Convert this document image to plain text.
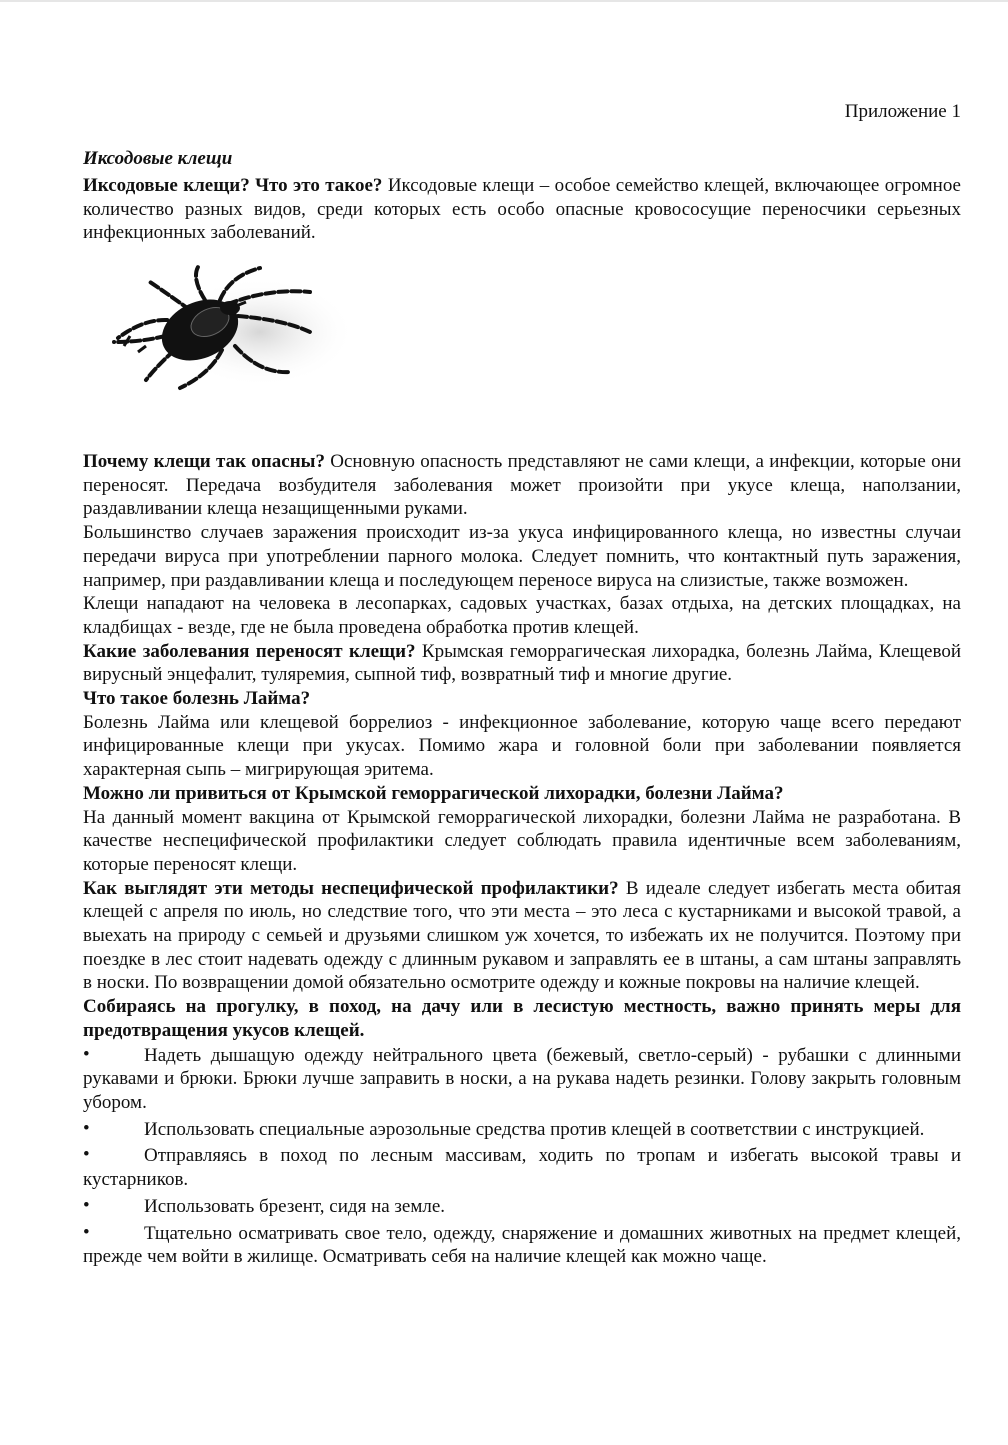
Приложение 1
Иксодовые клещи

Иксодовые клещи? Что это такое? Иксодовые клещи – особое семейство клещей, включающее огромное количество разных видов, среди которых есть особо опасные кровососущие переносчики серьезных инфекционных заболеваний.

Почему клещи так опасны? Основную опасность представляют не сами клещи, а инфекции, которые они переносят. Передача возбудителя заболевания может произойти при укусе клеща, наползании, раздавливании клеща незащищенными руками.

Большинство случаев заражения происходит из-за укуса инфицированного клеща, но известны случаи передачи вируса при употреблении парного молока. Следует помнить, что контактный путь заражения, например, при раздавливании клеща и последующем переносе вируса на слизистые, также возможен.

Клещи нападают на человека в лесопарках, садовых участках, базах отдыха, на детских площадках, на кладбищах - везде, где не была проведена обработка против клещей.

Какие заболевания переносят клещи? Крымская геморрагическая лихорадка, болезнь Лайма, Клещевой вирусный энцефалит, туляремия, сыпной тиф, возвратный тиф и многие другие.

Что такое болезнь Лайма?

Болезнь Лайма или клещевой боррелиоз - инфекционное заболевание, которую чаще всего передают инфицированные клещи при укусах. Помимо жара и головной боли при заболевании появляется характерная сыпь – мигрирующая эритема.

Можно ли привиться от Крымской геморрагической лихорадки, болезни Лайма?

На данный момент вакцина от Крымской геморрагической лихорадки, болезни Лайма не разработана. В качестве неспецифической профилактики следует соблюдать правила идентичные всем заболеваниям, которые переносят клещи.

Как выглядят эти методы неспецифической профилактики? В идеале следует избегать места обитая клещей с апреля по июль, но следствие того, что эти места – это леса с кустарниками и высокой травой, а выехать на природу с семьей и друзьями слишком уж хочется, то избежать их не получится. Поэтому при поездке в лес стоит надевать одежду с длинным рукавом и заправлять ее в штаны, а сам штаны заправлять в носки. По возвращении домой обязательно осмотрите одежду и кожные покровы на наличие клещей.

Собираясь на прогулку, в поход, на дачу или в лесистую местность, важно принять меры для предотвращения укусов клещей.

•	Надеть дышащую одежду нейтрального цвета (бежевый, светло-серый) - рубашки с длинными рукавами и брюки. Брюки лучше заправить в носки, а на рукава надеть резинки. Голову закрыть головным убором.

•	Использовать специальные аэрозольные средства против клещей в соответствии с инструкцией.

•	Отправляясь в поход по лесным массивам, ходить по тропам и избегать высокой травы и кустарников.

•	Использовать брезент, сидя на земле.

•	Тщательно осматривать свое тело, одежду, снаряжение и домашних животных на предмет клещей, прежде чем войти в жилище. Осматривать себя на наличие клещей как можно чаще.
